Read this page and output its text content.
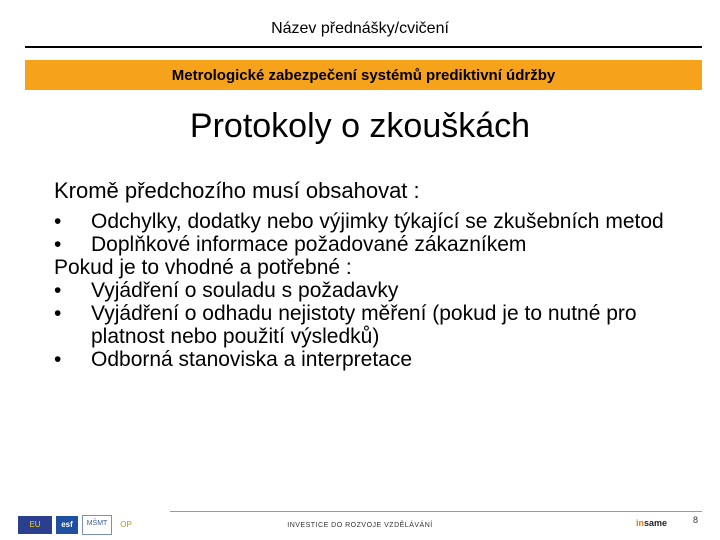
Název přednášky/cvičení
Metrologické zabezpečení systémů prediktivní údržby
Protokoly o zkouškách
Kromě předchozího musí obsahovat :
•	Odchylky, dodatky nebo výjimky týkající se zkušebních metod
•	Doplňkové informace požadované zákazníkem
Pokud je to vhodné a potřebné :
•	Vyjádření o souladu s požadavky
•	Vyjádření o odhadu nejistoty měření (pokud je to nutné pro platnost nebo použití výsledků)
•	Odborná stanoviska a interpretace
EU	esf	MŠMT	OP	INVESTICE DO ROZVOJE VZDĚLÁVÁNÍ	insame	8
